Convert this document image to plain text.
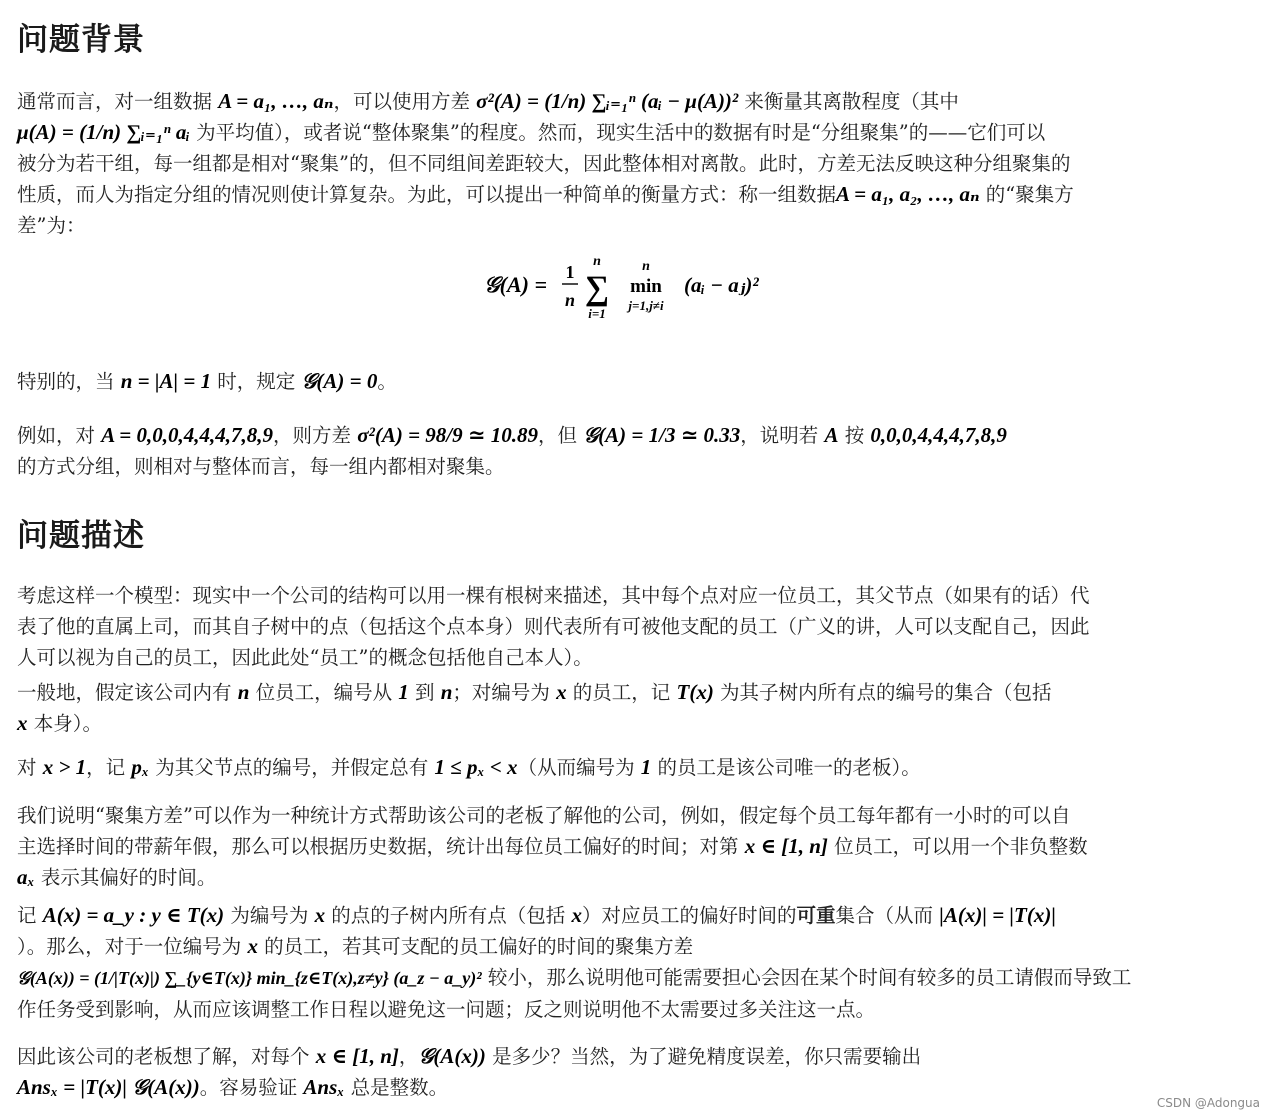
问题背景
通常而言，对一组数据 A = a₁, …, aₙ，可以使用方差 σ²(A) = (1/n) ∑ᵢ₌₁ⁿ (aᵢ − μ(A))² 来衡量其离散程度（其中
μ(A) = (1/n) ∑ᵢ₌₁ⁿ aᵢ 为平均值），或者说“整体聚集”的程度。然而，现实生活中的数据有时是“分组聚集”的——它们可以
被分为若干组，每一组都是相对“聚集”的，但不同组间差距较大，因此整体相对离散。此时，方差无法反映这种分组聚集的
性质，而人为指定分组的情况则使计算复杂。为此，可以提出一种简单的衡量方式：称一组数据A = a₁, a₂, …, aₙ 的“聚集方
差”为：
𝒢(A) = 1
n
n
∑
i=1
n
min
j=1,j≠i
(aᵢ − aⱼ)²
特别的，当 n = |A| = 1 时，规定 𝒢(A) = 0。
例如，对 A = 0,0,0,4,4,4,7,8,9，则方差 σ²(A) = 98/9 ≃ 10.89，但 𝒢(A) = 1/3 ≃ 0.33，说明若 A 按 0,0,0,4,4,4,7,8,9
的方式分组，则相对与整体而言，每一组内都相对聚集。
问题描述
考虑这样一个模型：现实中一个公司的结构可以用一棵有根树来描述，其中每个点对应一位员工，其父节点（如果有的话）代
表了他的直属上司，而其自子树中的点（包括这个点本身）则代表所有可被他支配的员工（广义的讲，人可以支配自己，因此
人可以视为自己的员工，因此此处“员工”的概念包括他自己本人）。
一般地，假定该公司内有 n 位员工，编号从 1 到 n；对编号为 x 的员工，记 T(x) 为其子树内所有点的编号的集合（包括
x 本身）。
对 x > 1，记 pₓ 为其父节点的编号，并假定总有 1 ≤ pₓ < x（从而编号为 1 的员工是该公司唯一的老板）。
我们说明“聚集方差”可以作为一种统计方式帮助该公司的老板了解他的公司，例如，假定每个员工每年都有一小时的可以自
主选择时间的带薪年假，那么可以根据历史数据，统计出每位员工偏好的时间；对第 x ∈ [1, n] 位员工，可以用一个非负整数
aₓ 表示其偏好的时间。
记 A(x) = a_y : y ∈ T(x) 为编号为 x 的点的子树内所有点（包括 x）对应员工的偏好时间的可重集合（从而 |A(x)| = |T(x)|
）。那么，对于一位编号为 x 的员工，若其可支配的员工偏好的时间的聚集方差
𝒢(A(x)) = (1/|T(x)|) ∑_{y∈T(x)} min_{z∈T(x),z≠y} (a_z − a_y)² 较小，那么说明他可能需要担心会因在某个时间有较多的员工请假而导致工
作任务受到影响，从而应该调整工作日程以避免这一问题；反之则说明他不太需要过多关注这一点。
因此该公司的老板想了解，对每个 x ∈ [1, n]，𝒢(A(x)) 是多少？当然，为了避免精度误差，你只需要输出
Ansₓ = |T(x)| 𝒢(A(x))。容易验证 Ansₓ 总是整数。
CSDN @Adongua
